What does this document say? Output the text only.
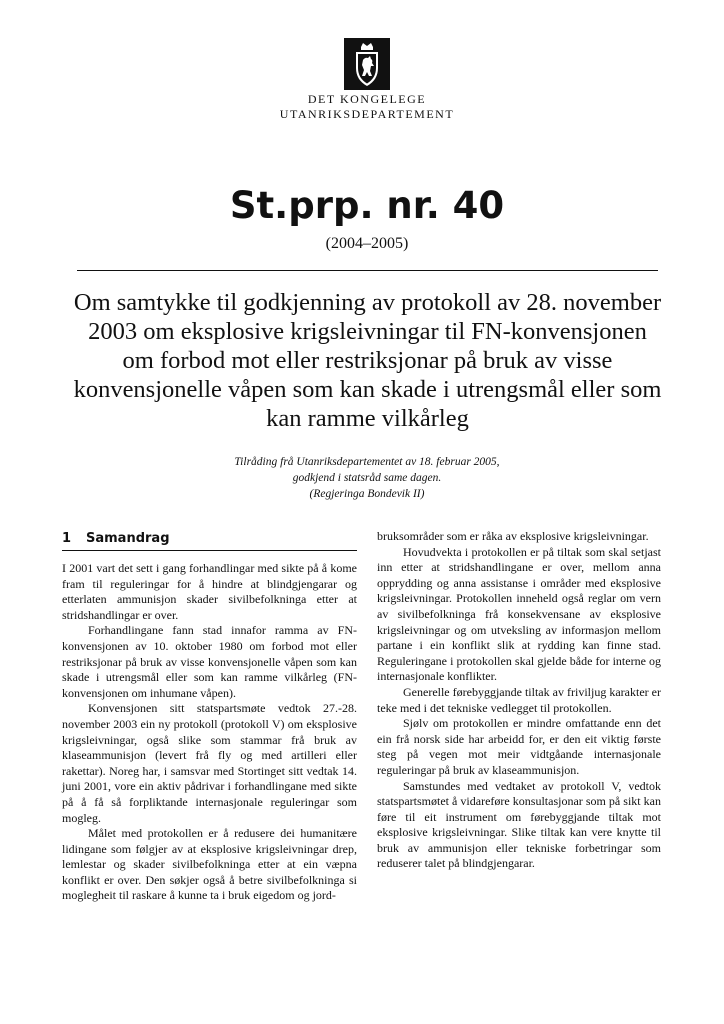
DET KONGELEGE
UTANRIKSDEPARTEMENT
St.prp. nr. 40
(2004–2005)
Om samtykke til godkjenning av protokoll av 28. november 2003 om eksplosive krigsleivningar til FN-konvensjonen om forbod mot eller restriksjonar på bruk av visse konvensjonelle våpen som kan skade i utrengsmål eller som kan ramme vilkårleg
Tilråding frå Utanriksdepartementet av 18. februar 2005,
godkjend i statsråd same dagen.
(Regjeringa Bondevik II)
1 Samandrag

I 2001 vart det sett i gang forhandlingar med sikte på å kome fram til reguleringar for å hindre at blindgjengarar og etterlaten ammunisjon skader sivilbefolkninga etter at stridshandlingar er over.

Forhandlingane fann stad innafor ramma av FN-konvensjonen av 10. oktober 1980 om forbod mot eller restriksjonar på bruk av visse konvensjonelle våpen som kan skade i utrengsmål eller som kan ramme vilkårleg (FN-konvensjonen om inhumane våpen).

Konvensjonen sitt statspartsmøte vedtok 27.-28. november 2003 ein ny protokoll (protokoll V) om eksplosive krigsleivningar, også slike som stammar frå bruk av klaseammunisjon (levert frå fly og med artilleri eller rakettar). Noreg har, i samsvar med Stortinget sitt vedtak 14. juni 2001, vore ein aktiv pådrivar i forhandlingane med sikte på å få så forpliktande internasjonale reguleringar som mogleg.

Målet med protokollen er å redusere dei humanitære lidingane som følgjer av at eksplosive krigsleivningar drep, lemlestar og skader sivilbefolkninga etter at ein væpna konflikt er over. Den søkjer også å betre sivilbefolkninga si moglegheit til raskare å kunne ta i bruk eigedom og jord-

bruksområder som er råka av eksplosive krigsleivningar.

Hovudvekta i protokollen er på tiltak som skal setjast inn etter at stridshandlingane er over, mellom anna opprydding og anna assistanse i områder med eksplosive krigsleivningar. Protokollen inneheld også reglar om vern av sivilbefolkninga frå konsekvensane av eksplosive krigsleivningar og om utveksling av informasjon mellom partane i ein konflikt slik at rydding kan finne stad. Reguleringane i protokollen skal gjelde både for interne og internasjonale konflikter.

Generelle førebyggjande tiltak av friviljug karakter er teke med i det tekniske vedlegget til protokollen.

Sjølv om protokollen er mindre omfattande enn det ein frå norsk side har arbeidd for, er den eit viktig første steg på vegen mot meir vidtgåande internasjonale reguleringar på bruk av klaseammunisjon.

Samstundes med vedtaket av protokoll V, vedtok statspartsmøtet å vidareføre konsultasjonar som på sikt kan føre til eit instrument om førebyggjande tiltak mot eksplosive krigsleivningar. Slike tiltak kan vere knytte til bruk av ammunisjon eller tekniske forbetringar som reduserer talet på blindgjengarar.
